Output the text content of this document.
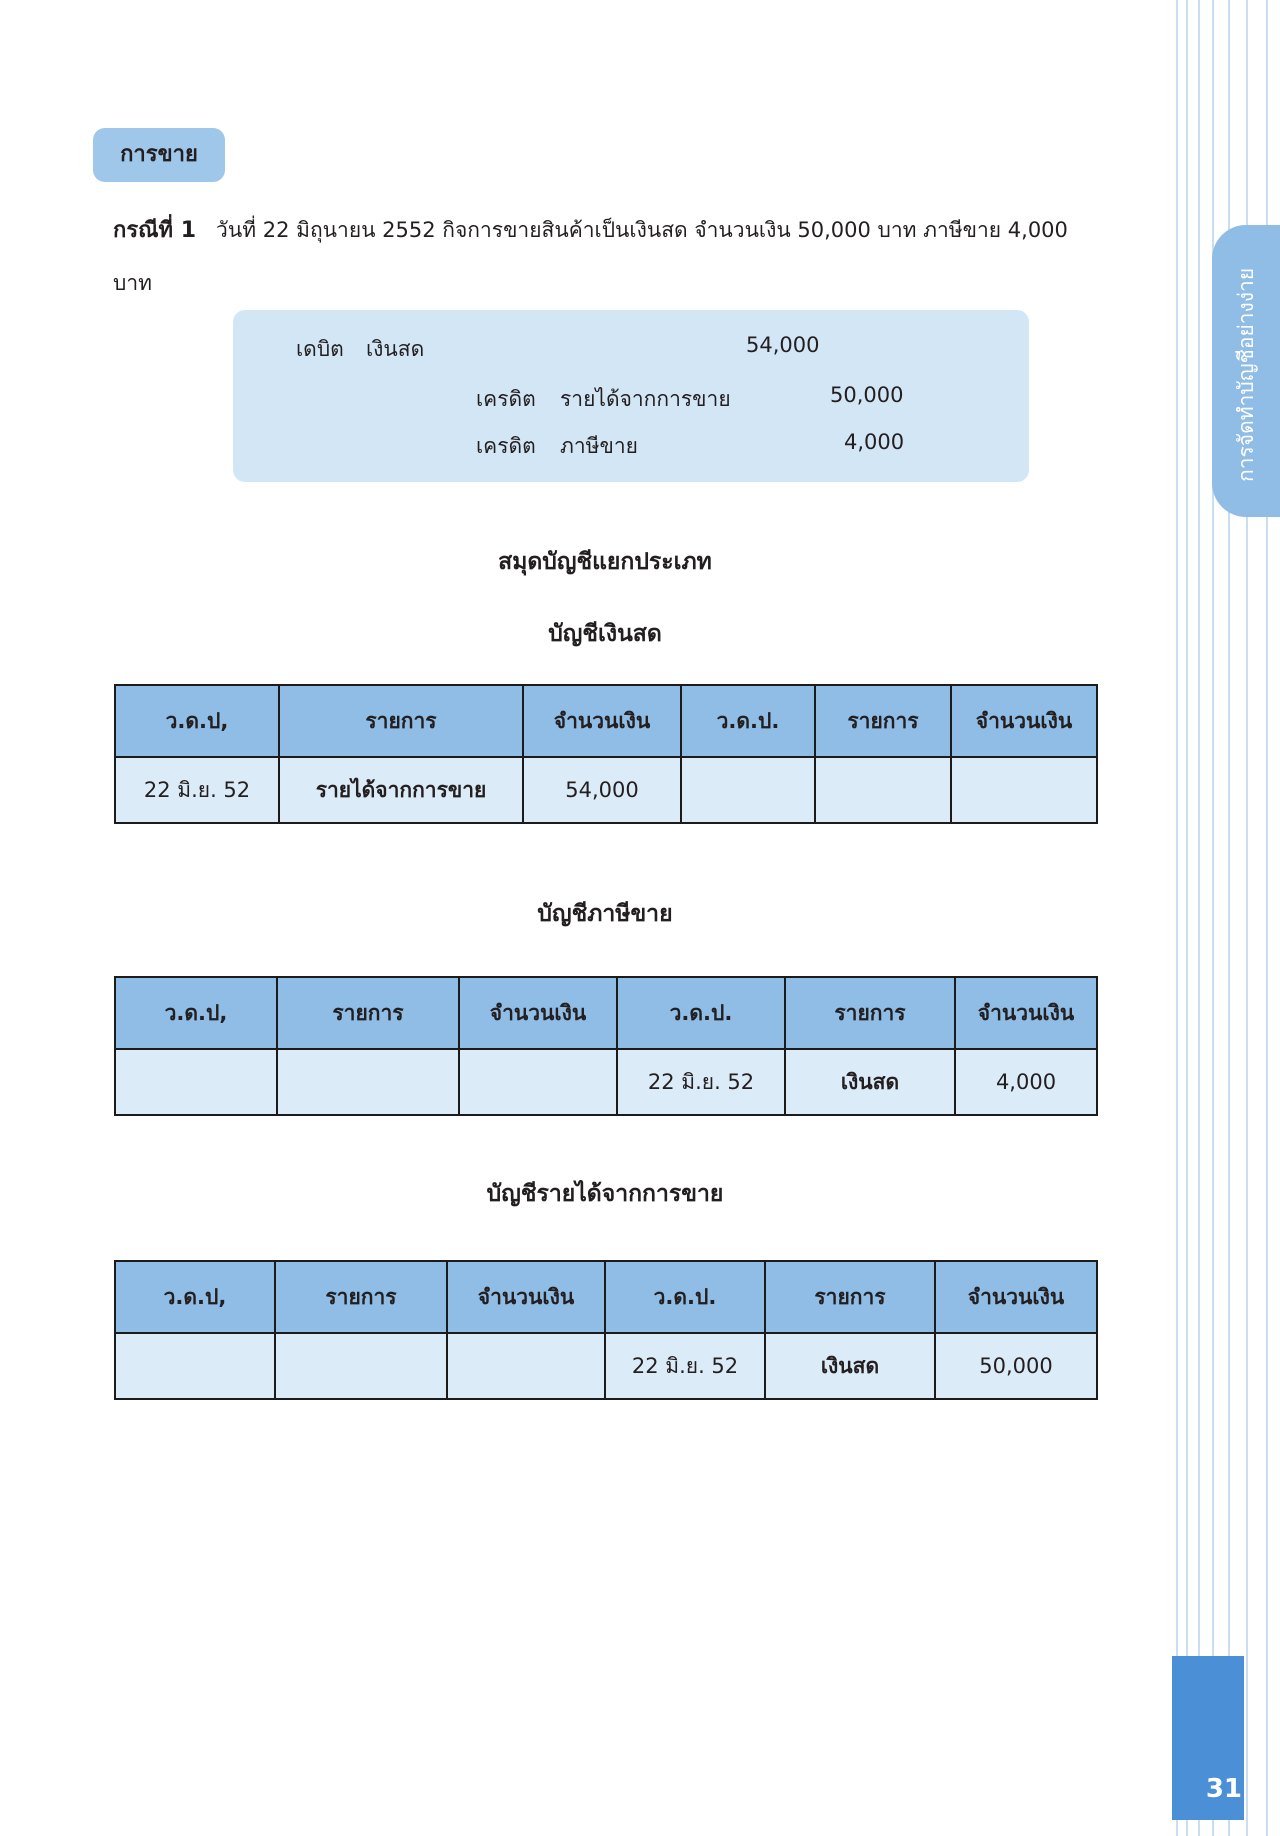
การจัดทำบัญชีอย่างง่าย
31
การขาย
กรณีที่ 1 วันที่ 22 มิถุนายน 2552 กิจการขายสินค้าเป็นเงินสด จำนวนเงิน 50,000 บาท ภาษีขาย 4,000 บาท
เดบิต เงินสด	54,000
เครดิต รายได้จากการขาย	50,000
เครดิต ภาษีขาย	4,000
สมุดบัญชีแยกประเภท
บัญชีเงินสด
ว.ด.ป,	รายการ	จำนวนเงิน	ว.ด.ป.	รายการ	จำนวนเงิน
22 มิ.ย. 52	รายได้จากการขาย	54,000			
บัญชีภาษีขาย
ว.ด.ป,	รายการ	จำนวนเงิน	ว.ด.ป.	รายการ	จำนวนเงิน
			22 มิ.ย. 52	เงินสด	4,000
บัญชีรายได้จากการขาย
ว.ด.ป,	รายการ	จำนวนเงิน	ว.ด.ป.	รายการ	จำนวนเงิน
			22 มิ.ย. 52	เงินสด	50,000
